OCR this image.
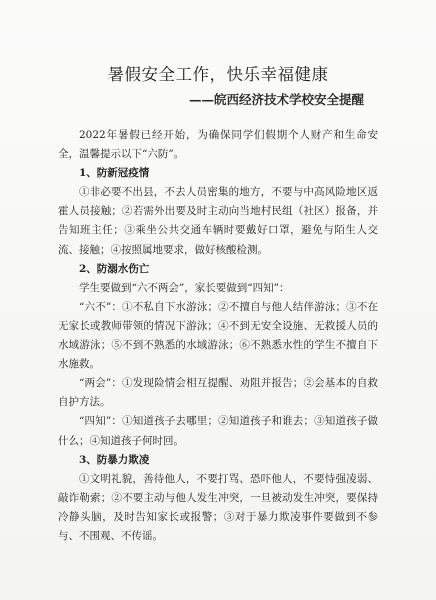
暑假安全工作，快乐幸福健康
——皖西经济技术学校安全提醒

2022年暑假已经开始，为确保同学们假期个人财产和生命安全，温馨提示以下“六防”。

1、防新冠疫情

①非必要不出县，不去人员密集的地方，不要与中高风险地区返霍人员接触；②若需外出要及时主动向当地村民组（社区）报备，并告知班主任；③乘坐公共交通车辆时要戴好口罩，避免与陌生人交流、接触；④按照属地要求，做好核酸检测。

2、防溺水伤亡

学生要做到“六不两会”，家长要做到“四知”：

“六不”：①不私自下水游泳；②不擅自与他人结伴游泳；③不在无家长或教师带领的情况下游泳；④不到无安全设施、无救援人员的水域游泳；⑤不到不熟悉的水域游泳；⑥不熟悉水性的学生不擅自下水施救。

“两会”：①发现险情会相互提醒、劝阻并报告；②会基本的自救自护方法。

“四知”：①知道孩子去哪里；②知道孩子和谁去；③知道孩子做什么；④知道孩子何时回。

3、防暴力欺凌

①文明礼貌，善待他人，不要打骂、恐吓他人，不要恃强凌弱、敲诈勒索；②不要主动与他人发生冲突，一旦被动发生冲突，要保持冷静头脑，及时告知家长或报警；③对于暴力欺凌事件要做到不参与、不围观、不传谣。
